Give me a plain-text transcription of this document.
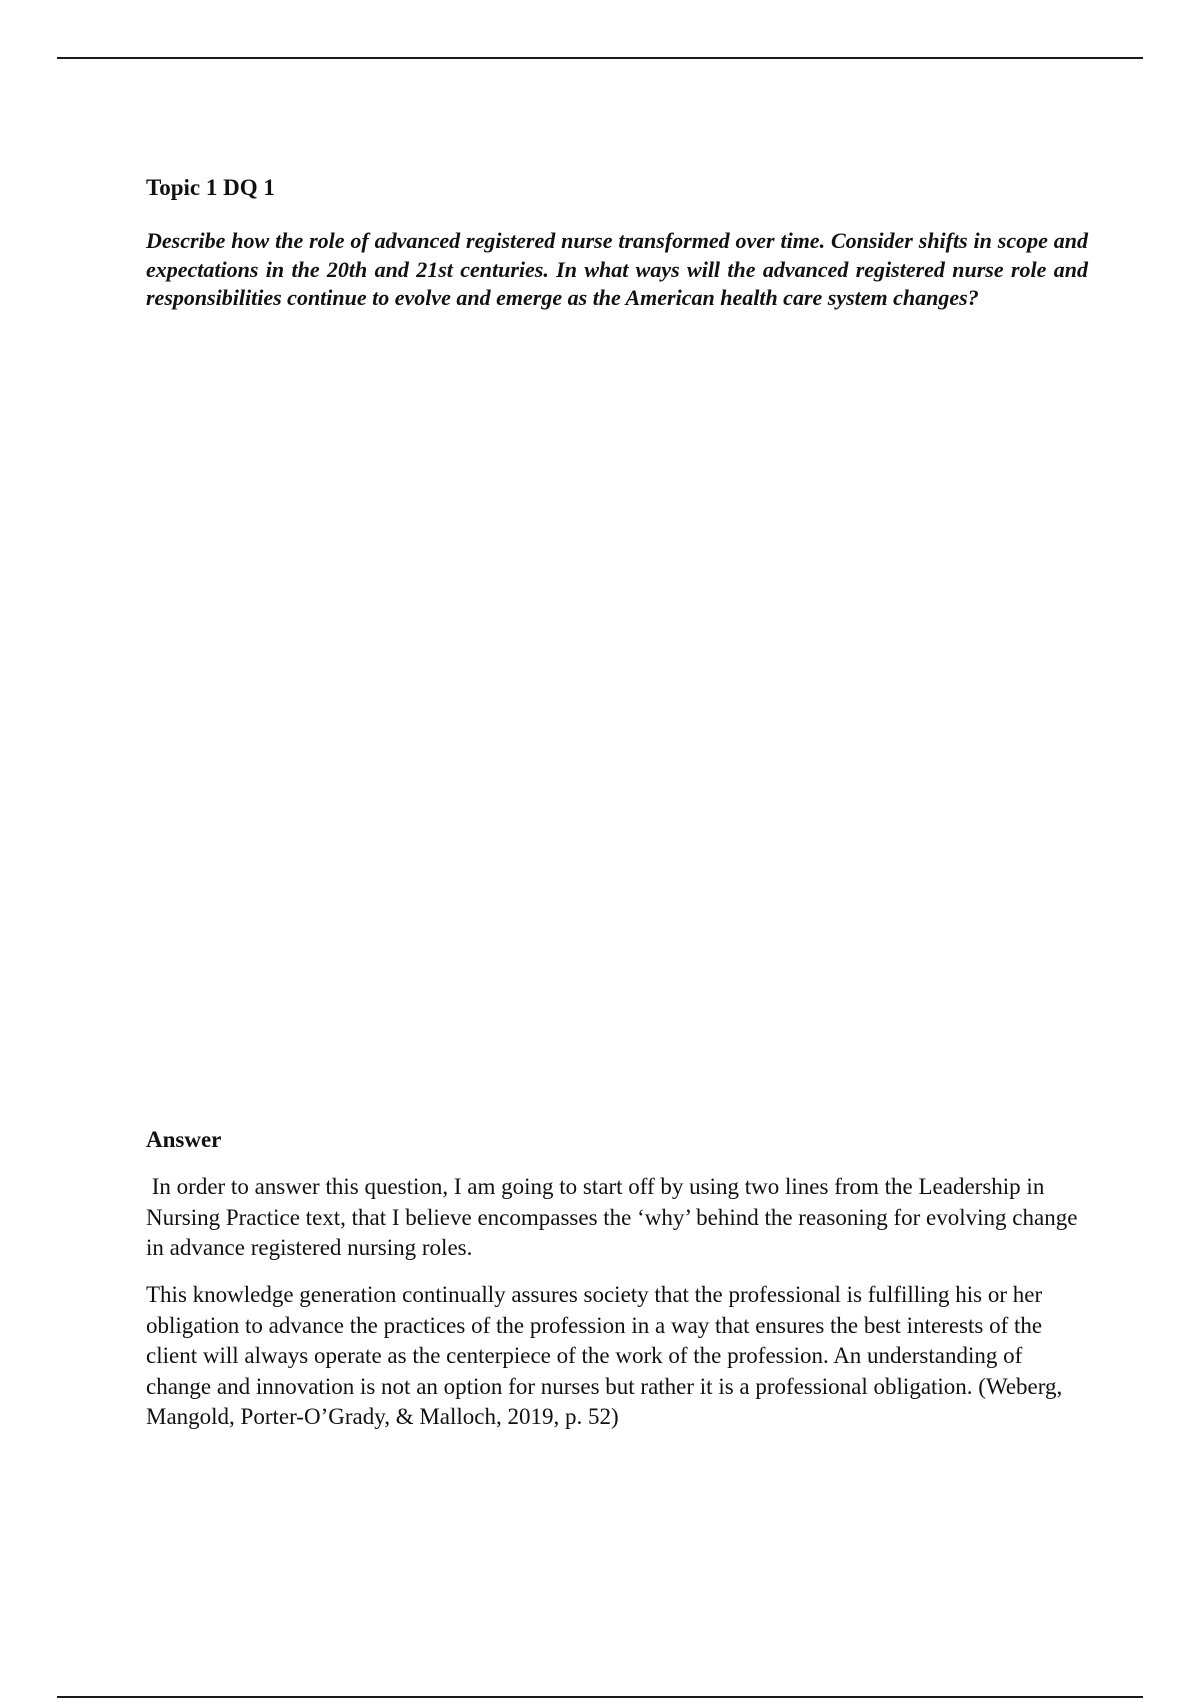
Topic 1 DQ 1

Describe how the role of advanced registered nurse transformed over time. Consider shifts in scope and expectations in the 20th and 21st centuries. In what ways will the advanced registered nurse role and responsibilities continue to evolve and emerge as the American health care system changes?

Answer

In order to answer this question, I am going to start off by using two lines from the Leadership in Nursing Practice text, that I believe encompasses the ‘why’ behind the reasoning for evolving change in advance registered nursing roles.

This knowledge generation continually assures society that the professional is fulfilling his or her obligation to advance the practices of the profession in a way that ensures the best interests of the client will always operate as the centerpiece of the work of the profession. An understanding of change and innovation is not an option for nurses but rather it is a professional obligation. (Weberg, Mangold, Porter-O’Grady, & Malloch, 2019, p. 52)
